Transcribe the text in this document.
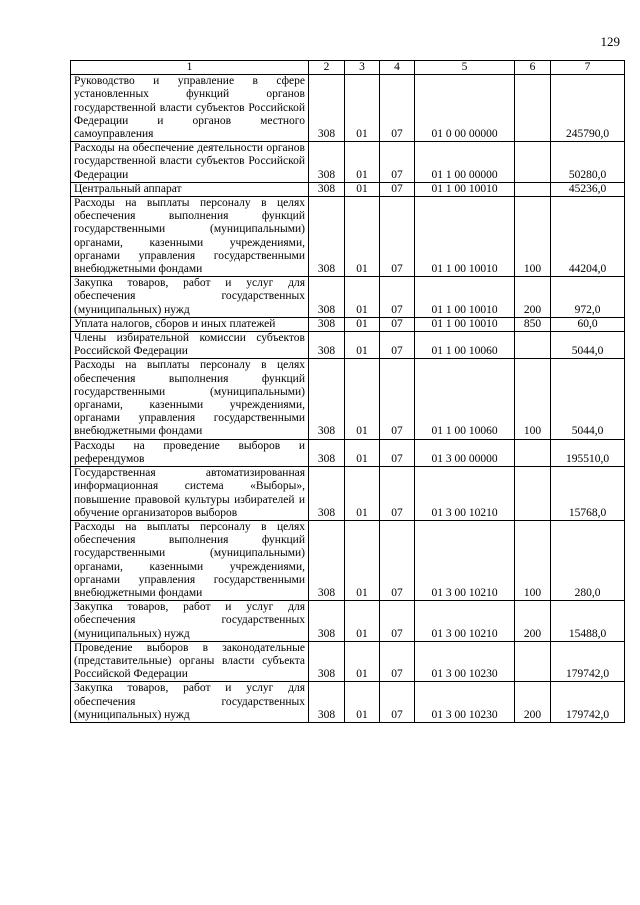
129
1	2	3	4	5	6	7
Руководство и управление в сфере установленных функций органов государственной власти субъектов Российской Федерации и органов местного самоуправления	308	01	07	01 0 00 00000		245790,0
Расходы на обеспечение деятельности органов государственной власти субъектов Российской Федерации	308	01	07	01 1 00 00000		50280,0
Центральный аппарат	308	01	07	01 1 00 10010		45236,0
Расходы на выплаты персоналу в целях обеспечения выполнения функций государственными (муниципальными) органами, казенными учреждениями, органами управления государственными внебюджетными фондами	308	01	07	01 1 00 10010	100	44204,0
Закупка товаров, работ и услуг для обеспечения государственных (муниципальных) нужд	308	01	07	01 1 00 10010	200	972,0
Уплата налогов, сборов и иных платежей	308	01	07	01 1 00 10010	850	60,0
Члены избирательной комиссии субъектов Российской Федерации	308	01	07	01 1 00 10060		5044,0
Расходы на выплаты персоналу в целях обеспечения выполнения функций государственными (муниципальными) органами, казенными учреждениями, органами управления государственными внебюджетными фондами	308	01	07	01 1 00 10060	100	5044,0
Расходы на проведение выборов и референдумов	308	01	07	01 3 00 00000		195510,0
Государственная автоматизированная информационная система «Выборы», повышение правовой культуры избирателей и обучение организаторов выборов	308	01	07	01 3 00 10210		15768,0
Расходы на выплаты персоналу в целях обеспечения выполнения функций государственными (муниципальными) органами, казенными учреждениями, органами управления государственными внебюджетными фондами	308	01	07	01 3 00 10210	100	280,0
Закупка товаров, работ и услуг для обеспечения государственных (муниципальных) нужд	308	01	07	01 3 00 10210	200	15488,0
Проведение выборов в законодательные (представительные) органы власти субъекта Российской Федерации	308	01	07	01 3 00 10230		179742,0
Закупка товаров, работ и услуг для обеспечения государственных (муниципальных) нужд	308	01	07	01 3 00 10230	200	179742,0
